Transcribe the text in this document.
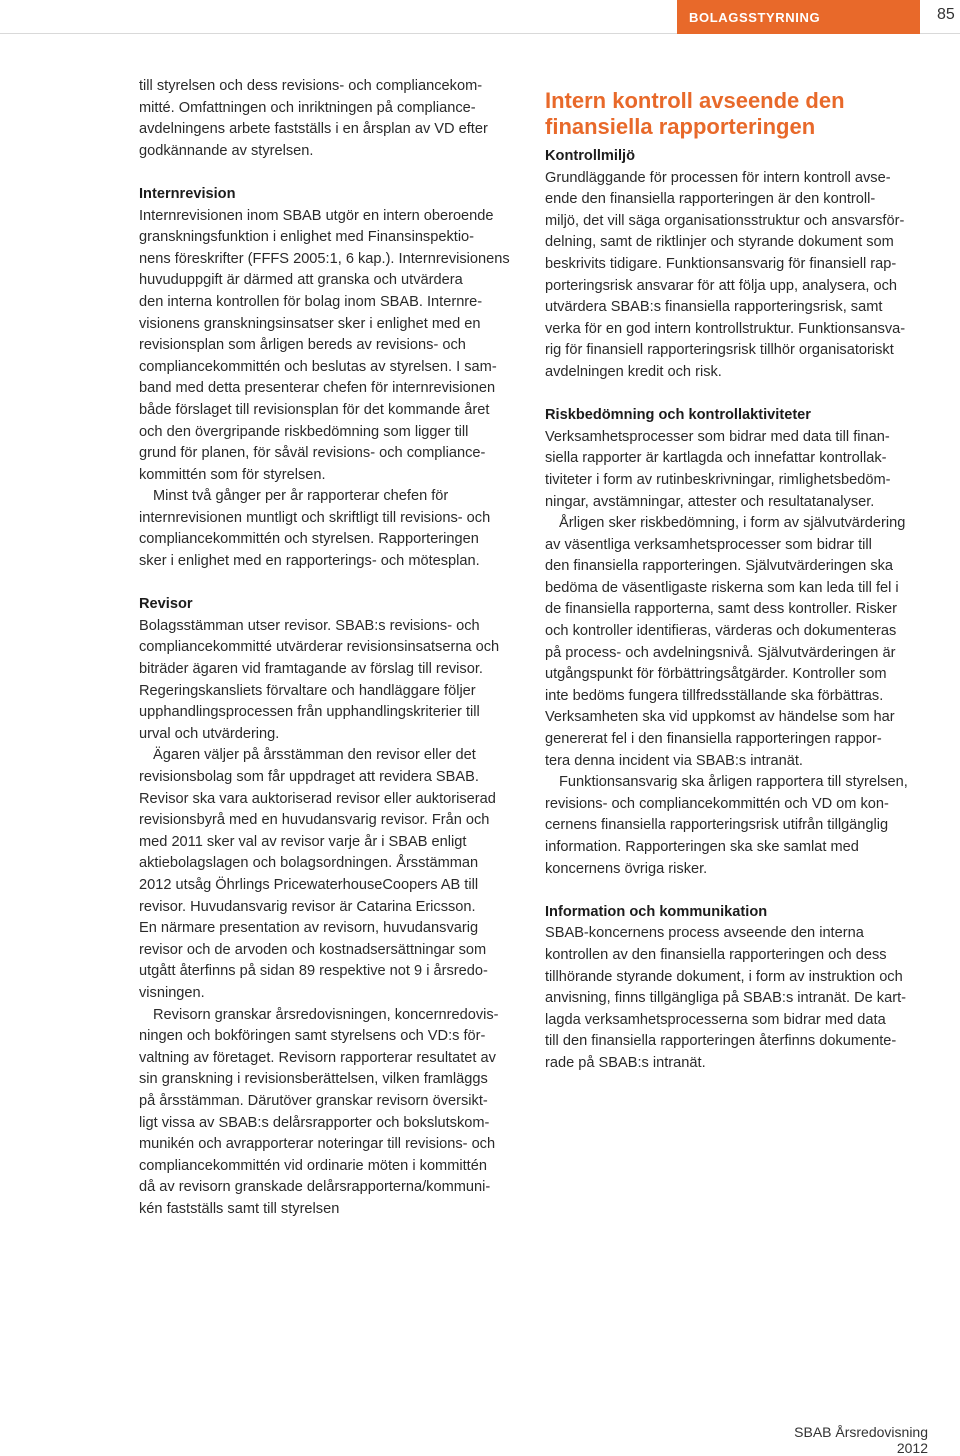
BOLAGSSTYRNING	85

till styrelsen och dess revisions- och compliancekom-
mitté. Omfattningen och inriktningen på compliance-
avdelningens arbete fastställs i en årsplan av VD efter
godkännande av styrelsen.

Internrevision

Internrevisionen inom SBAB utgör en intern oberoende
granskningsfunktion i enlighet med Finansinspektio-
nens föreskrifter (FFFS 2005:1, 6 kap.). Internrevisionens
huvuduppgift är därmed att granska och utvärdera
den interna kontrollen för bolag inom SBAB. Internre-
visionens granskningsinsatser sker i enlighet med en
revisionsplan som årligen bereds av revisions- och
compliancekommittén och beslutas av styrelsen. I sam-
band med detta presenterar chefen för internrevisionen
både förslaget till revisionsplan för det kommande året
och den övergripande riskbedömning som ligger till
grund för planen, för såväl revisions- och compliance-
kommittén som för styrelsen.

Minst två gånger per år rapporterar chefen för
internrevisionen muntligt och skriftligt till revisions- och
compliancekommittén och styrelsen. Rapporteringen
sker i enlighet med en rapporterings- och mötesplan.

Revisor

Bolagsstämman utser revisor. SBAB:s revisions- och
compliancekommitté utvärderar revisionsinsatserna och
biträder ägaren vid framtagande av förslag till revisor.
Regeringskansliets förvaltare och handläggare följer
upphandlingsprocessen från upphandlingskriterier till
urval och utvärdering.

Ägaren väljer på årsstämman den revisor eller det
revisionsbolag som får uppdraget att revidera SBAB.
Revisor ska vara auktoriserad revisor eller auktoriserad
revisionsbyrå med en huvudansvarig revisor. Från och
med 2011 sker val av revisor varje år i SBAB enligt
aktiebolagslagen och bolagsordningen. Årsstämman
2012 utsåg Öhrlings PricewaterhouseCoopers AB till
revisor. Huvudansvarig revisor är Catarina Ericsson.
En närmare presentation av revisorn, huvudansvarig
revisor och de arvoden och kostnadsersättningar som
utgått återfinns på sidan 89 respektive not 9 i årsredo-
visningen.

Revisorn granskar årsredovisningen, koncernredovis-
ningen och bokföringen samt styrelsens och VD:s för-
valtning av företaget. Revisorn rapporterar resultatet av
sin granskning i revisionsberättelsen, vilken framläggs
på årsstämman. Därutöver granskar revisorn översikt-
ligt vissa av SBAB:s delårsrapporter och bokslutskom-
munikén och avrapporterar noteringar till revisions- och
compliancekommittén vid ordinarie möten i kommittén
då av revisorn granskade delårsrapporterna/kommuni-
kén fastställs samt till styrelsen

Intern kontroll avseende den
finansiella rapporteringen
Kontrollmiljö

Grundläggande för processen för intern kontroll avse-
ende den finansiella rapporteringen är den kontroll-
miljö, det vill säga organisationsstruktur och ansvarsför-
delning, samt de riktlinjer och styrande dokument som
beskrivits tidigare. Funktionsansvarig för finansiell rap-
porteringsrisk ansvarar för att följa upp, analysera, och
utvärdera SBAB:s finansiella rapporteringsrisk, samt
verka för en god intern kontrollstruktur. Funktionsansva-
rig för finansiell rapporteringsrisk tillhör organisatoriskt
avdelningen kredit och risk.

Riskbedömning och kontrollaktiviteter

Verksamhetsprocesser som bidrar med data till finan-
siella rapporter är kartlagda och innefattar kontrollak-
tiviteter i form av rutinbeskrivningar, rimlighetsbedöm-
ningar, avstämningar, attester och resultatanalyser.

Årligen sker riskbedömning, i form av självutvärdering
av väsentliga verksamhetsprocesser som bidrar till
den finansiella rapporteringen. Självutvärderingen ska
bedöma de väsentligaste riskerna som kan leda till fel i
de finansiella rapporterna, samt dess kontroller. Risker
och kontroller identifieras, värderas och dokumenteras
på process- och avdelningsnivå. Självutvärderingen är
utgångspunkt för förbättringsåtgärder. Kontroller som
inte bedöms fungera tillfredsställande ska förbättras.
Verksamheten ska vid uppkomst av händelse som har
genererat fel i den finansiella rapporteringen rappor-
tera denna incident via SBAB:s intranät.

Funktionsansvarig ska årligen rapportera till styrelsen,
revisions- och compliancekommittén och VD om kon-
cernens finansiella rapporteringsrisk utifrån tillgänglig
information. Rapporteringen ska ske samlat med
koncernens övriga risker.

Information och kommunikation

SBAB-koncernens process avseende den interna
kontrollen av den finansiella rapporteringen och dess
tillhörande styrande dokument, i form av instruktion och
anvisning, finns tillgängliga på SBAB:s intranät. De kart-
lagda verksamhetsprocesserna som bidrar med data
till den finansiella rapporteringen återfinns dokumente-
rade på SBAB:s intranät.

SBAB Årsredovisning 2012
